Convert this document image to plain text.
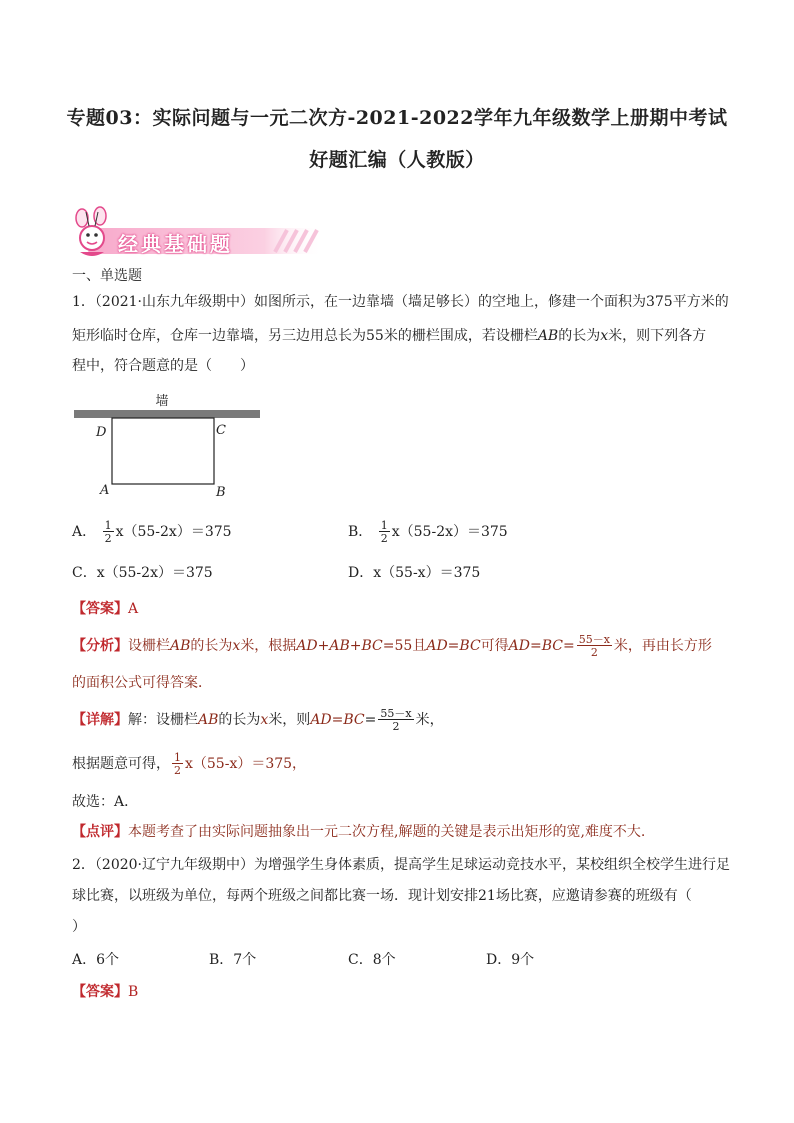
专题03：实际问题与一元二次方-2021-2022学年九年级数学上册期中考试
好题汇编（人教版）
经典基础题
一、单选题
1．（2021·山东九年级期中）如图所示，在一边靠墙（墙足够长）的空地上，修建一个面积为375平方米的
矩形临时仓库，仓库一边靠墙，另三边用总长为55米的栅栏围成，若设栅栏AB的长为x米，则下列各方
程中，符合题意的是（　　）
墙
D	C
A	B
A． $\frac{1}{2} x(55-2x)=375$	B． $\frac{1}{2} x(55-2x)=375$
C．x（55-2x）＝375	D．x（55-x）＝375
【答案】A
【分析】设栅栏AB的长为x米，根据AD+AB+BC=55且AD=BC可得$AD=BC= \frac{55-x}{2}$ 米，再由长方形
的面积公式可得答案．
【详解】解：设栅栏AB的长为x米，则$AD=BC= \frac{55-x}{2}$ 米，
根据题意可得， $\frac{1}{2} x(55-x)=375$，
故选：A．
【点评】本题考查了由实际问题抽象出一元二次方程,解题的关键是表示出矩形的宽,难度不大.
2．（2020·辽宁九年级期中）为增强学生身体素质，提高学生足球运动竞技水平，某校组织全校学生进行足
球比赛，以班级为单位，每两个班级之间都比赛一场．现计划安排21场比赛，应邀请参赛的班级有（
）
A．6个	B．7个	C．8个	D．9个
【答案】B
